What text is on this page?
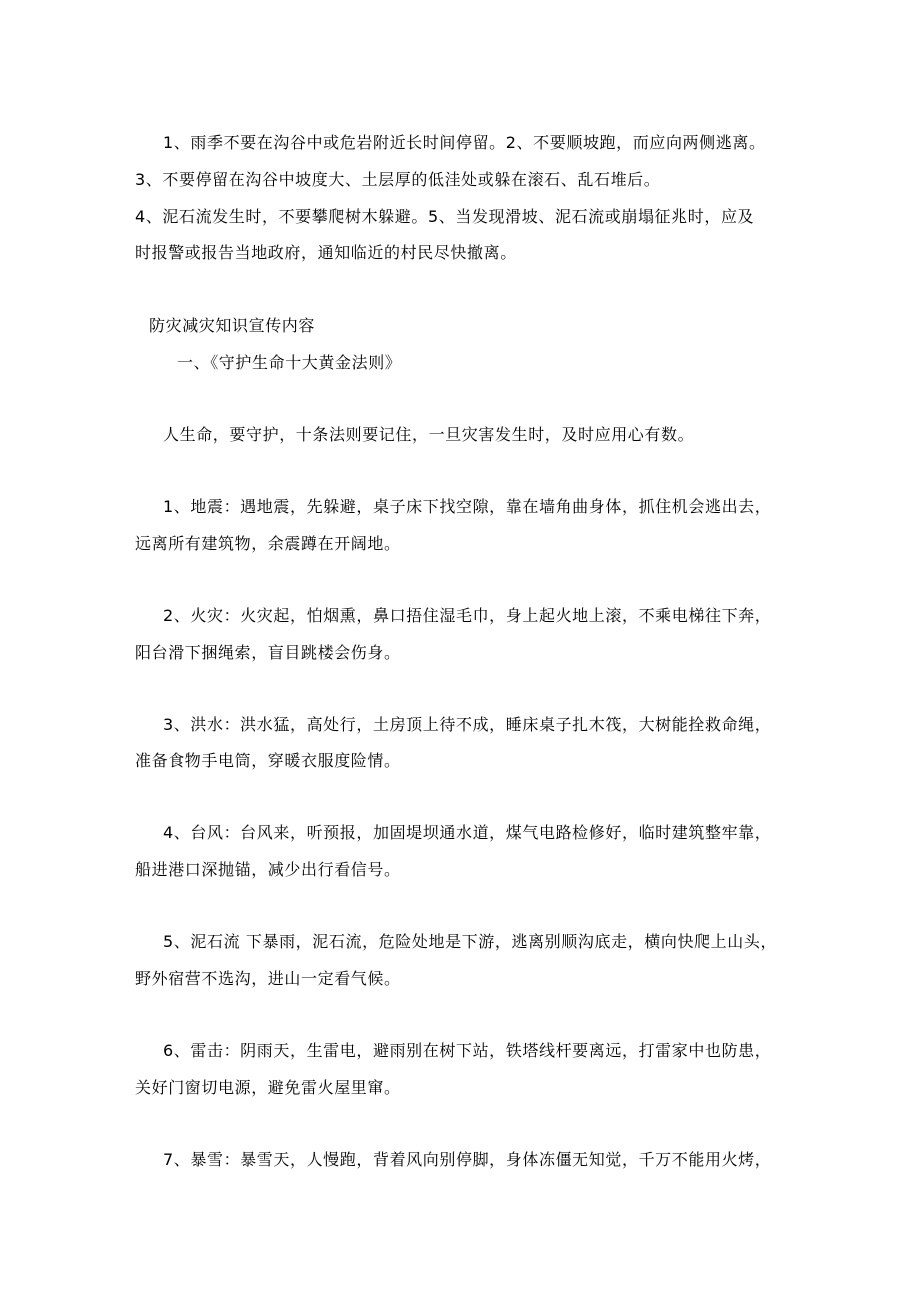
1、雨季不要在沟谷中或危岩附近长时间停留。2、不要顺坡跑，而应向两侧逃离。
3、不要停留在沟谷中坡度大、土层厚的低洼处或躲在滚石、乱石堆后。
4、泥石流发生时，不要攀爬树木躲避。5、当发现滑坡、泥石流或崩塌征兆时，应及
时报警或报告当地政府，通知临近的村民尽快撤离。
防灾减灾知识宣传内容
一、《守护生命十大黄金法则》
人生命，要守护，十条法则要记住，一旦灾害发生时，及时应用心有数。
1、地震：遇地震，先躲避，桌子床下找空隙，靠在墙角曲身体，抓住机会逃出去，
远离所有建筑物，余震蹲在开阔地。
2、火灾：火灾起，怕烟熏，鼻口捂住湿毛巾，身上起火地上滚，不乘电梯往下奔，
阳台滑下捆绳索，盲目跳楼会伤身。
3、洪水：洪水猛，高处行，土房顶上待不成，睡床桌子扎木筏，大树能拴救命绳，
准备食物手电筒，穿暖衣服度险情。
4、台风：台风来，听预报，加固堤坝通水道，煤气电路检修好，临时建筑整牢靠，
船进港口深抛锚，减少出行看信号。
5、泥石流 下暴雨，泥石流，危险处地是下游，逃离别顺沟底走，横向快爬上山头，
野外宿营不选沟，进山一定看气候。
6、雷击：阴雨天，生雷电，避雨别在树下站，铁塔线杆要离远，打雷家中也防患，
关好门窗切电源，避免雷火屋里窜。
7、暴雪：暴雪天，人慢跑，背着风向别停脚，身体冻僵无知觉，千万不能用火烤，
